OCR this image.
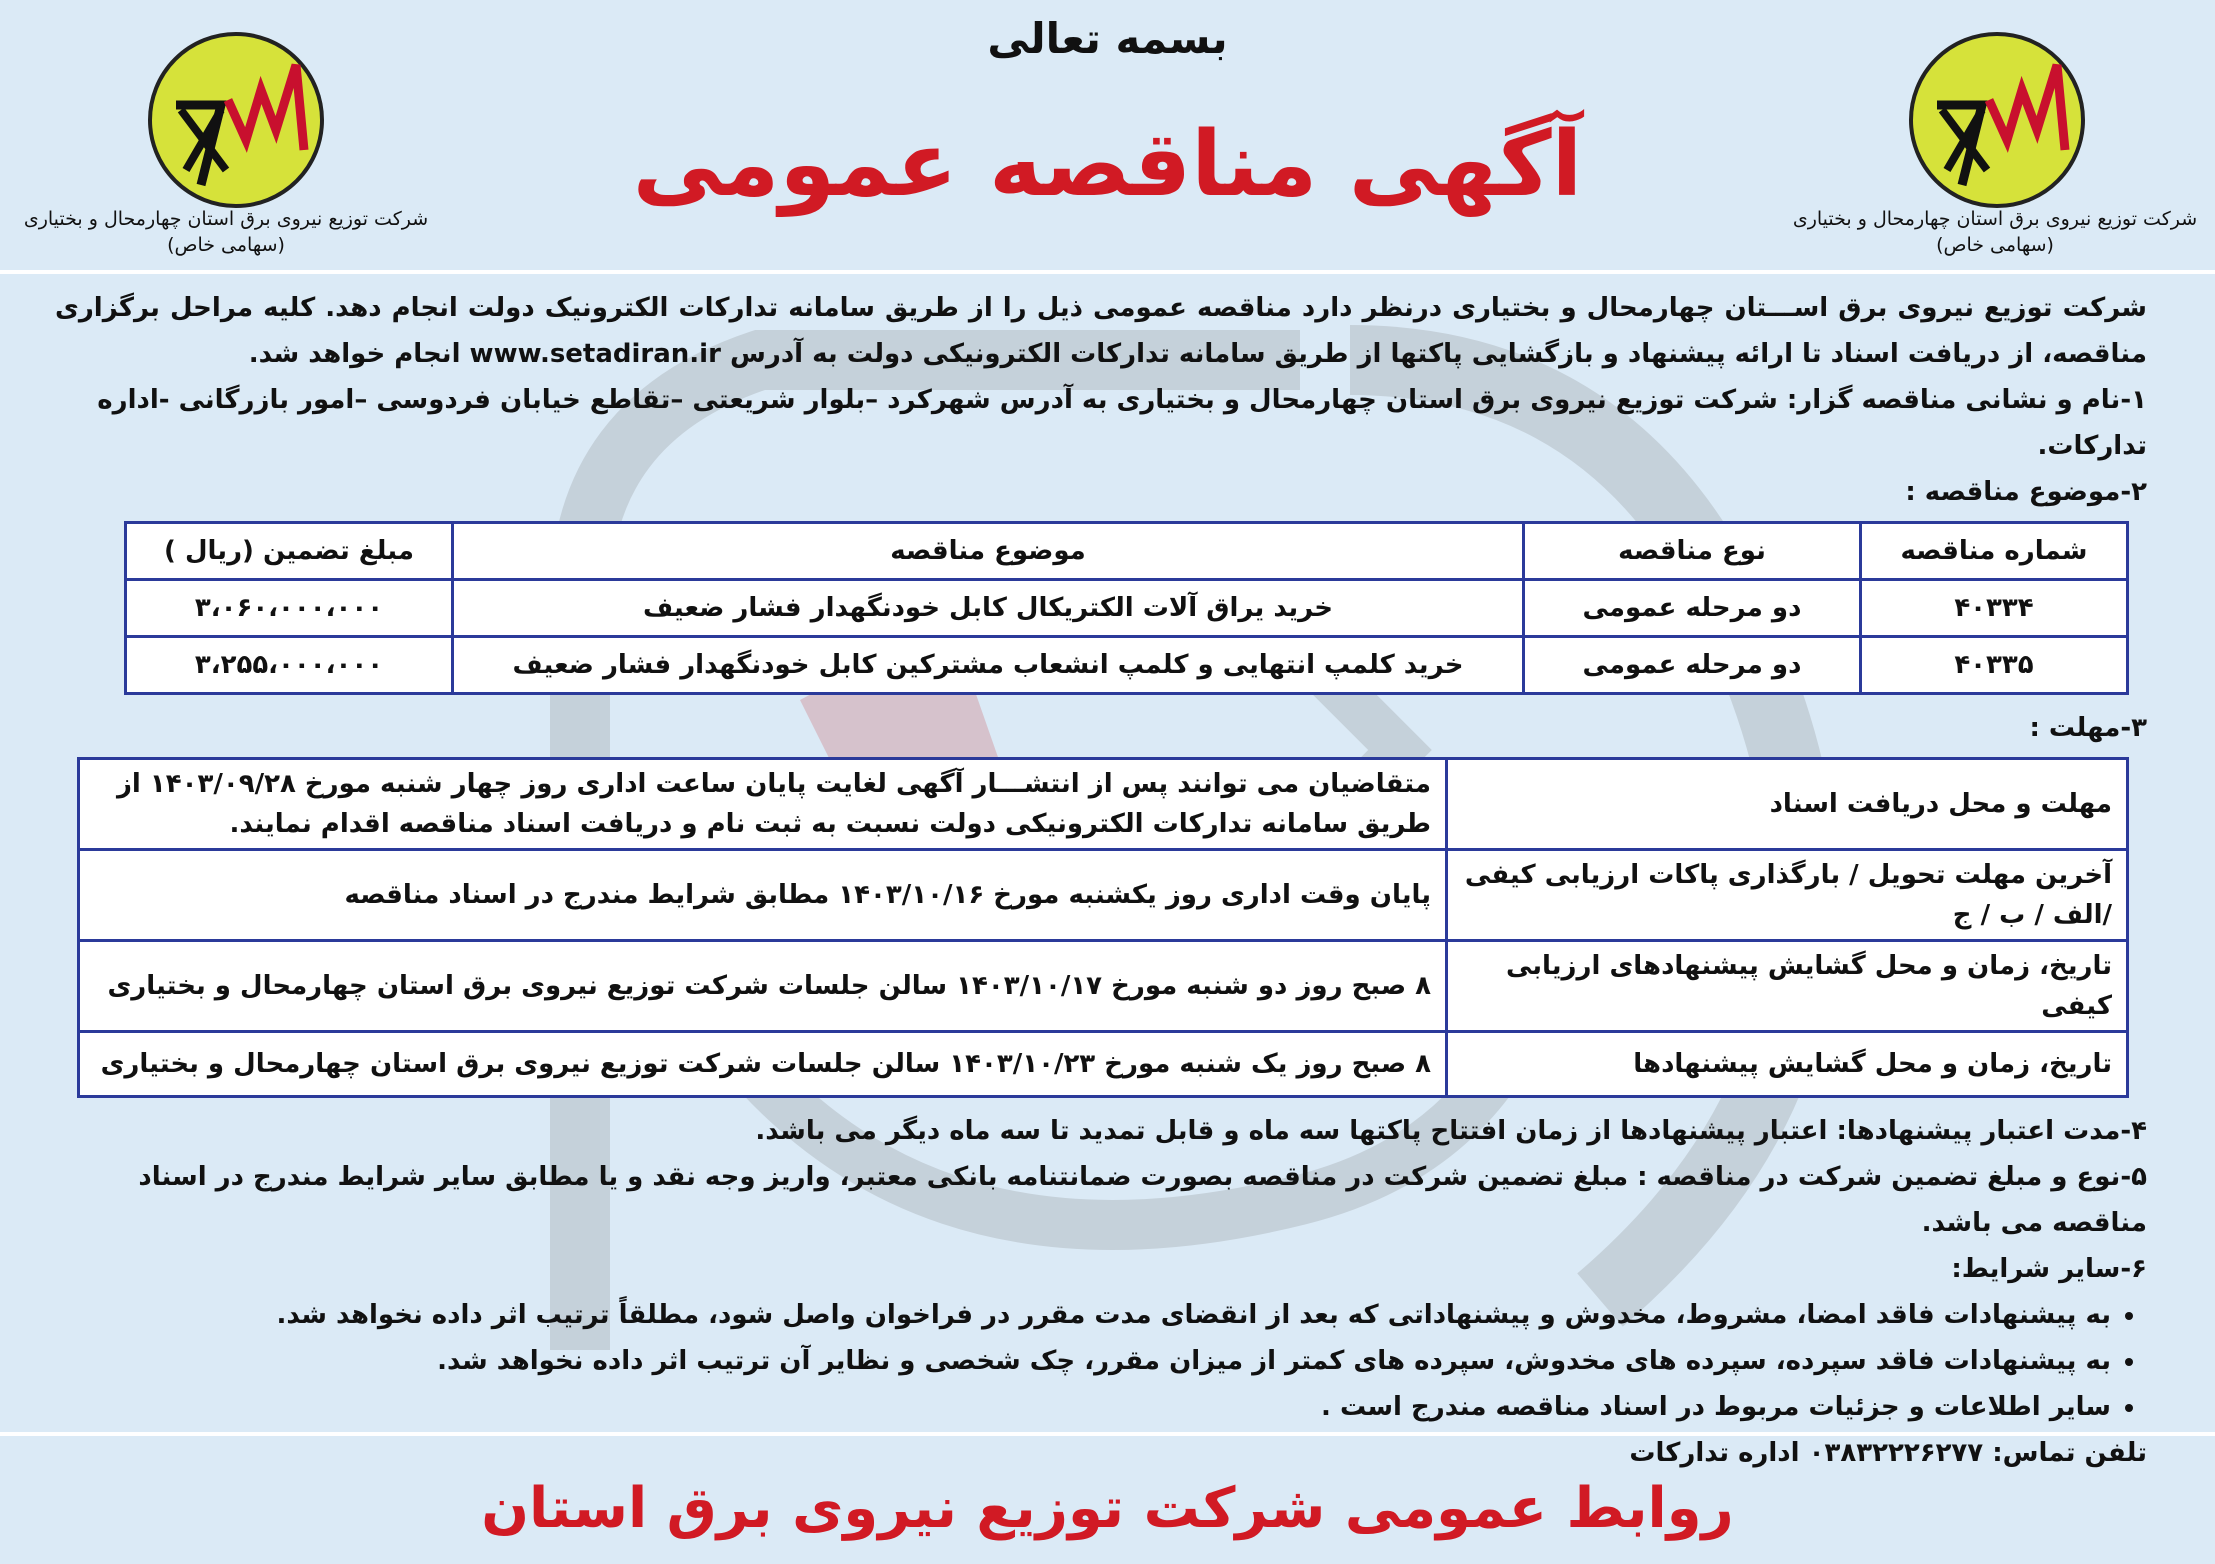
شرکت توزیع نیروی برق استان چهارمحال و بختیاری
(سهامی خاص)
شرکت توزیع نیروی برق استان چهارمحال و بختیاری
(سهامی خاص)
بسمه تعالی
آگهی مناقصه عمومی
شرکت توزیع نیروی برق اســـتان چهارمحال و بختیاری درنظر دارد مناقصه عمومی ذیل را از طریق سامانه تدارکات الکترونیک دولت انجام دهد. کلیه مراحل برگزاری مناقصه، از دریافت اسناد تا ارائه پیشنهاد و بازگشایی پاکتها از طریق سامانه تدارکات الکترونیکی دولت به آدرس www.setadiran.ir انجام خواهد شد.
۱-نام و نشانی مناقصه گزار: شرکت توزیع نیروی برق استان چهارمحال و بختیاری به آدرس شهرکرد –بلوار شریعتی –تقاطع خیابان فردوسی –امور بازرگانی -اداره تدارکات.
۲-موضوع مناقصه :
شماره مناقصه	نوع مناقصه	موضوع مناقصه	مبلغ تضمین (ریال )
۴۰۳۳۴	دو مرحله عمومی	خرید یراق آلات الکتریکال کابل خودنگهدار فشار ضعیف	۳،۰۶۰،۰۰۰،۰۰۰
۴۰۳۳۵	دو مرحله عمومی	خرید کلمپ انتهایی و کلمپ انشعاب مشترکین کابل خودنگهدار فشار ضعیف	۳،۲۵۵،۰۰۰،۰۰۰
۳-مهلت :
مهلت و محل دریافت اسناد	متقاضیان می توانند پس از انتشـــار آگهی لغایت پایان ساعت اداری روز چهار شنبه مورخ ۱۴۰۳/۰۹/۲۸ از طریق سامانه تدارکات الکترونیکی دولت نسبت به ثبت نام و دریافت اسناد مناقصه اقدام نمایند.
آخرین مهلت تحویل / بارگذاری پاکات ارزیابی کیفی /الف / ب / ج	پایان وقت اداری روز یکشنبه مورخ ۱۴۰۳/۱۰/۱۶ مطابق شرایط مندرج در اسناد مناقصه
تاریخ، زمان و محل گشایش پیشنهادهای ارزیابی کیفی	۸ صبح روز دو شنبه مورخ ۱۴۰۳/۱۰/۱۷ سالن جلسات شرکت توزیع نیروی برق استان چهارمحال و بختیاری
تاریخ، زمان و محل گشایش پیشنهادها	۸ صبح روز یک شنبه مورخ ۱۴۰۳/۱۰/۲۳ سالن جلسات شرکت توزیع نیروی برق استان چهارمحال و بختیاری
۴-مدت اعتبار پیشنهادها: اعتبار پیشنهادها از زمان افتتاح پاکتها سه ماه و قابل تمدید تا سه ماه دیگر می باشد.
۵-نوع و مبلغ تضمین شرکت در مناقصه : مبلغ تضمین شرکت در مناقصه بصورت ضمانتنامه بانکی معتبر، واریز وجه نقد و یا مطابق سایر شرایط مندرج در اسناد مناقصه می باشد.
۶-سایر شرایط:
• به پیشنهادات فاقد امضا، مشروط، مخدوش و پیشنهاداتی که بعد از انقضای مدت مقرر در فراخوان واصل شود، مطلقاً ترتیب اثر داده نخواهد شد.
• به پیشنهادات فاقد سپرده، سپرده های مخدوش، سپرده های کمتر از میزان مقرر، چک شخصی و نظایر آن ترتیب اثر داده نخواهد شد.
• سایر اطلاعات و جزئیات مربوط در اسناد مناقصه مندرج است .
تلفن تماس: ۰۳۸۳۲۲۲۶۲۷۷ اداره تدارکات
روابط عمومی شرکت توزیع نیروی برق استان
